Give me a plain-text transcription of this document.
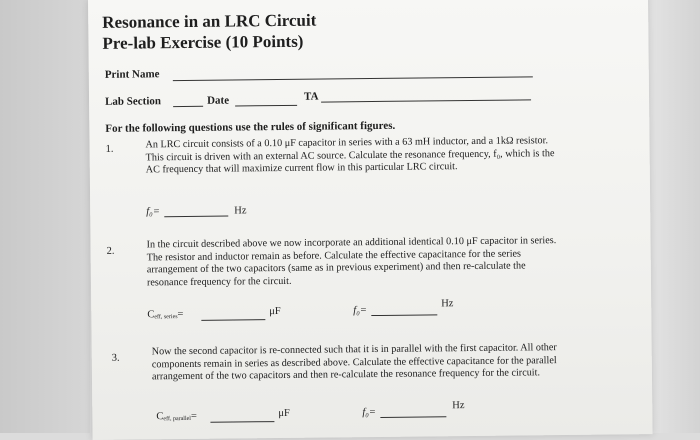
Resonance in an LRC Circuit
Pre-lab Exercise (10 Points)
Print Name
Lab Section	Date	TA
For the following questions use the rules of significant figures.
1.	An LRC circuit consists of a 0.10 μF capacitor in series with a 63 mH inductor, and a 1kΩ resistor. This circuit is driven with an external AC source. Calculate the resonance frequency, f₀, which is the AC frequency that will maximize current flow in this particular LRC circuit.
f₀=	Hz
2.
In the circuit described above we now incorporate an additional identical 0.10 μF capacitor in series. The resistor and inductor remain as before. Calculate the effective capacitance for the series arrangement of the two capacitors (same as in previous experiment) and then re-calculate the resonance frequency for the circuit.
Ceff, series=	μF	f₀=
Hz
3.
Now the second capacitor is re-connected such that it is in parallel with the first capacitor. All other components remain in series as described above. Calculate the effective capacitance for the parallel arrangement of the two capacitors and then re-calculate the resonance frequency for the circuit.
Ceff, parallel=	μF	f₀=
Hz
